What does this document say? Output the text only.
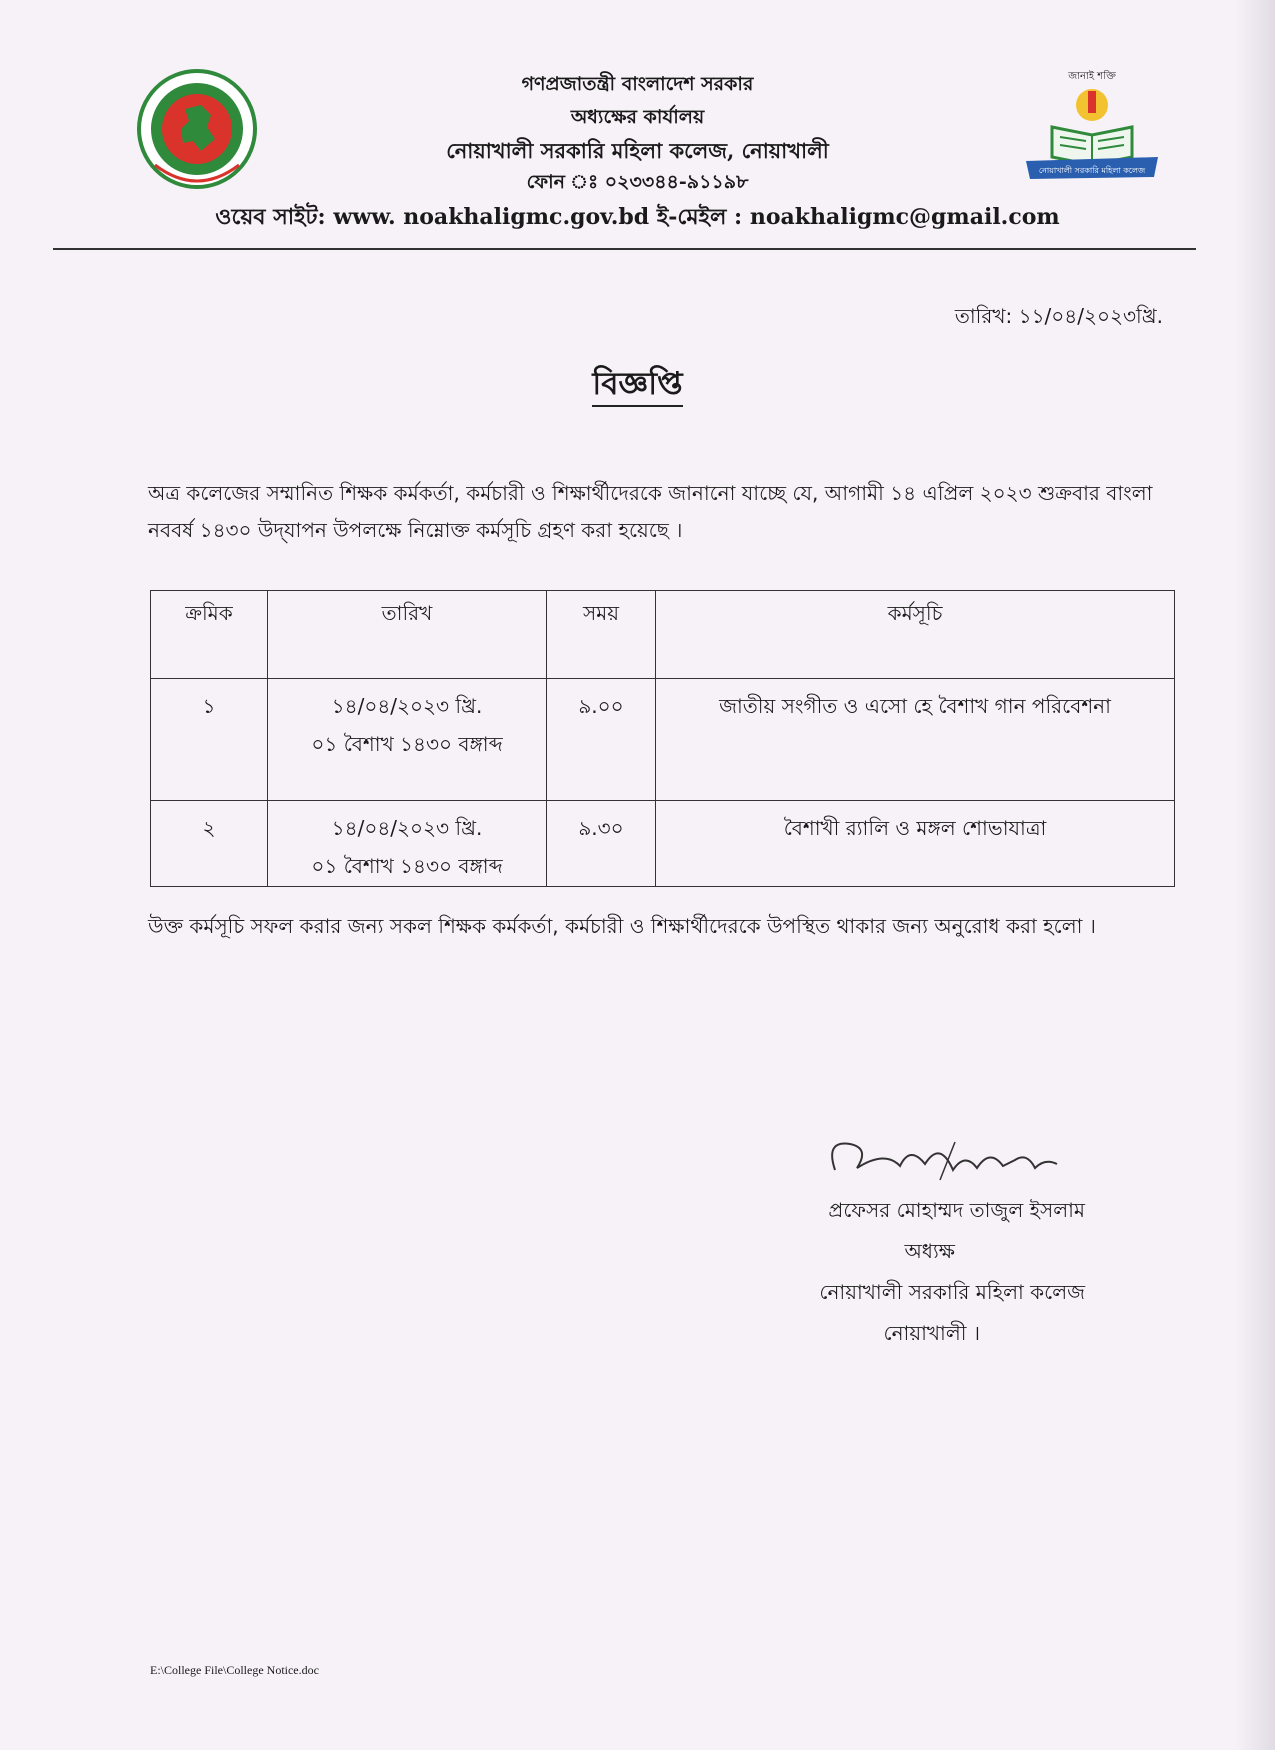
জানাই শক্তি
নোয়াখালী সরকারি মহিলা কলেজ
গণপ্রজাতন্ত্রী বাংলাদেশ সরকার
অধ্যক্ষের কার্যালয়
নোয়াখালী সরকারি মহিলা কলেজ, নোয়াখালী
ফোন ঃ ০২৩৩৪৪-৯১১৯৮
ওয়েব সাইট: www. noakhaligmc.gov.bd ই-মেইল : noakhaligmc@gmail.com
তারিখ: ১১/০৪/২০২৩খ্রি.
বিজ্ঞপ্তি
অত্র কলেজের সম্মানিত শিক্ষক কর্মকর্তা, কর্মচারী ও শিক্ষার্থীদেরকে জানানো যাচ্ছে যে, আগামী ১৪ এপ্রিল ২০২৩ শুক্রবার বাংলা নববর্ষ ১৪৩০ উদ্‌যাপন উপলক্ষে নিম্নোক্ত কর্মসূচি গ্রহণ করা হয়েছে ।
ক্রমিক	তারিখ	সময়	কর্মসূচি
১	১৪/০৪/২০২৩ খ্রি.
০১ বৈশাখ ১৪৩০ বঙ্গাব্দ	৯.০০	জাতীয় সংগীত ও এসো হে বৈশাখ গান পরিবেশনা
২	১৪/০৪/২০২৩ খ্রি.
০১ বৈশাখ ১৪৩০ বঙ্গাব্দ	৯.৩০	বৈশাখী র‍্যালি ও মঙ্গল শোভাযাত্রা
উক্ত কর্মসূচি সফল করার জন্য সকল শিক্ষক কর্মকর্তা, কর্মচারী ও শিক্ষার্থীদেরকে উপস্থিত থাকার জন্য অনুরোধ করা হলো ।
প্রফেসর মোহাম্মদ তাজুল ইসলাম
অধ্যক্ষ
নোয়াখালী সরকারি মহিলা কলেজ
নোয়াখালী ।
E:\College File\College Notice.doc
